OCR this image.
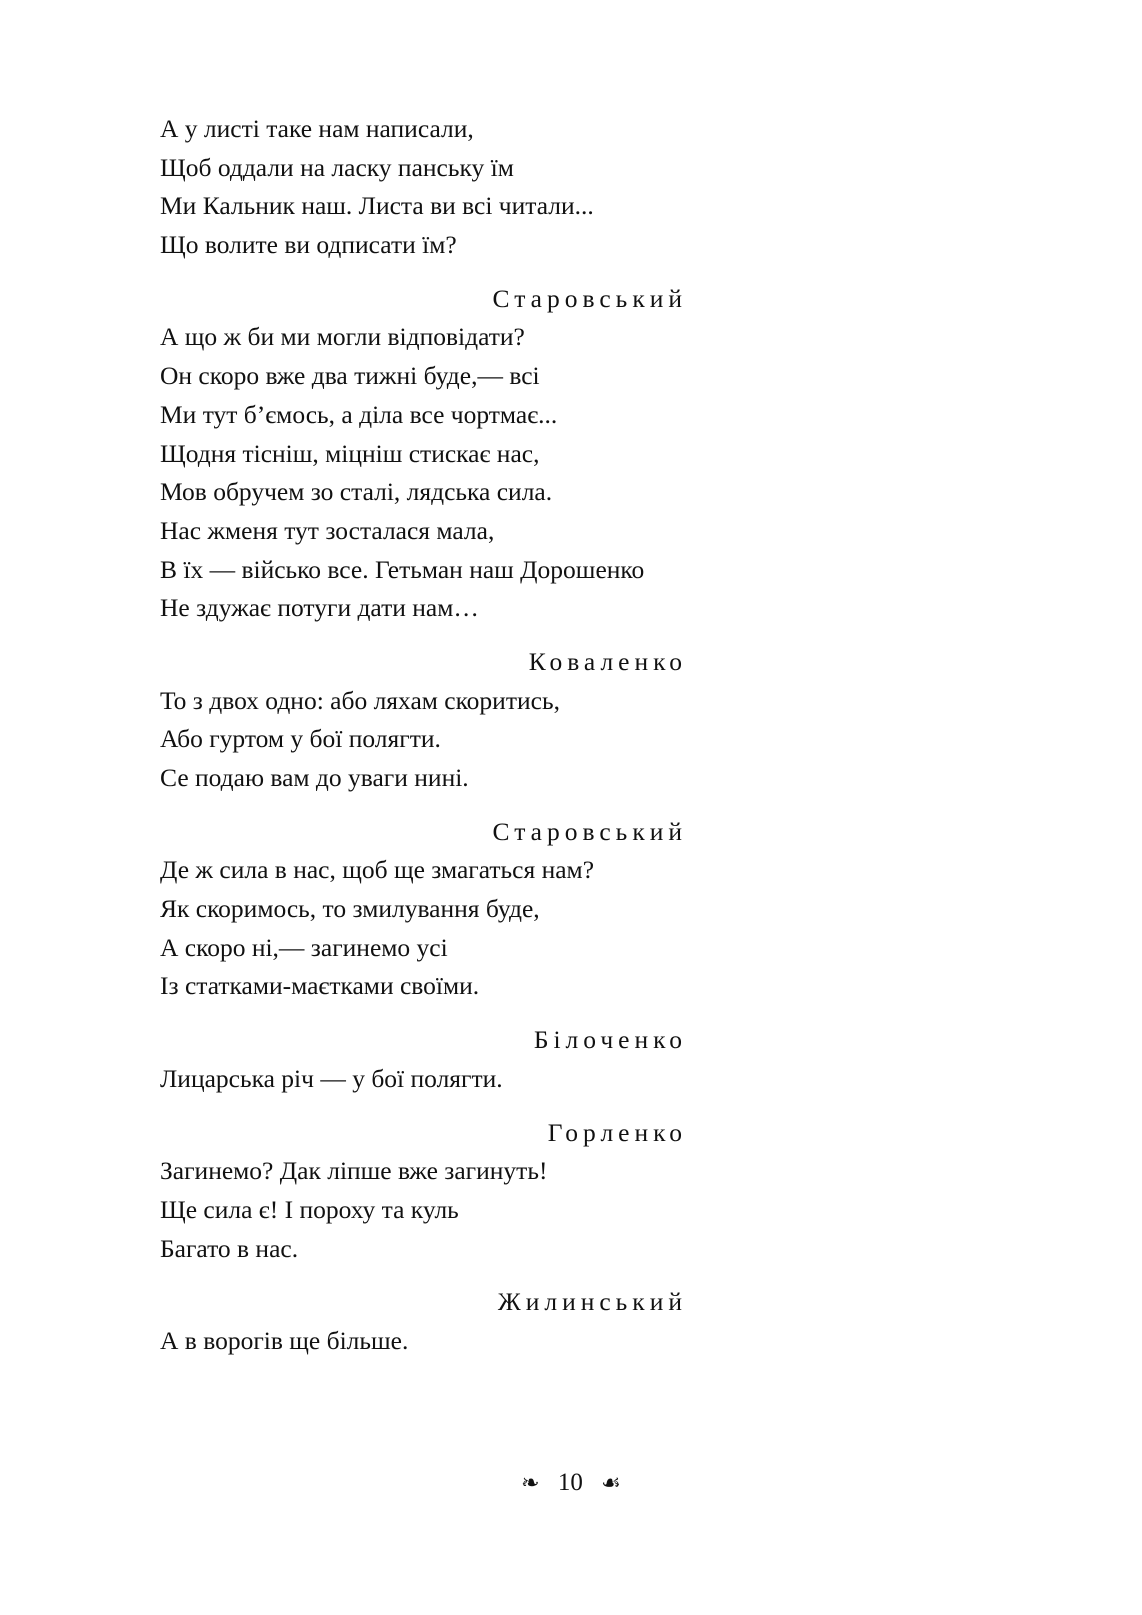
А у листі таке нам написали,
Щоб оддали на ласку панську їм
Ми Кальник наш. Листа ви всі читали...
Що волите ви одписати їм?
Старовський
А що ж би ми могли відповідати?
Он скоро вже два тижні буде,— всі
Ми тут б’ємось, а діла все чортмає...
Щодня тісніш, міцніш стискає нас,
Мов обручем зо сталі, лядська сила.
Нас жменя тут зосталася мала,
В їх — військо все. Гетьман наш Дорошенко
Не здужає потуги дати нам…
Коваленко
То з двох одно: або ляхам скоритись,
Або гуртом у бої полягти.
Се подаю вам до уваги нині.
Старовський
Де ж сила в нас, щоб ще змагаться нам?
Як скоримось, то змилування буде,
А скоро ні,— загинемо усі
Із статками-маєтками своїми.
Білоченко
Лицарська річ — у бої полягти.
Горленко
Загинемо? Дак ліпше вже загинуть!
Ще сила є! І пороху та куль
Багато в нас.
Жилинський
А в ворогів ще більше.
❧ 10 ☙
